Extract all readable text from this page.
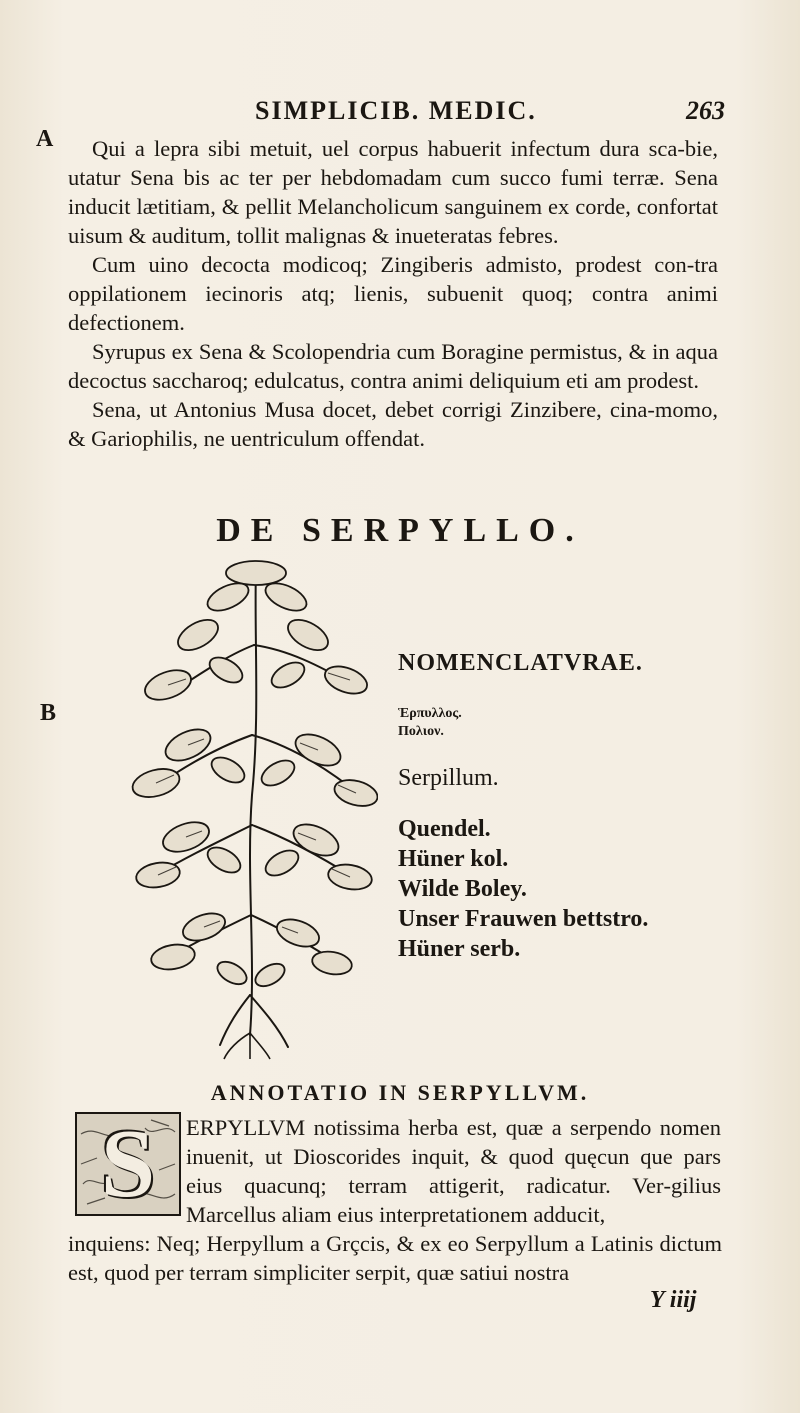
SIMPLICIB. MEDIC.	263
A
B

Qui a lepra sibi metuit, uel corpus habuerit infectum dura sca‑bie, utatur Sena bis ac ter per hebdomadam cum succo fumi terræ. Sena inducit lætitiam, & pellit Melancholicum sanguinem ex corde, confortat uisum & auditum, tollit malignas & inueteratas febres.

Cum uino decocta modicoq; Zingiberis admisto, prodest con‑tra oppilationem iecinoris atq; lienis, subuenit quoq; contra animi defectionem.

Syrupus ex Sena & Scolopendria cum Boragine permistus, & in aqua decoctus saccharoq; edulcatus, contra animi deliquium eti am prodest.

Sena, ut Antonius Musa docet, debet corrigi Zinzibere, cina‑momo, & Gariophilis, ne uentriculum offendat.

DE SERPYLLO.
NOMENCLATVRAE.
Ἑρπυλλος.
Πολιον.
Serpillum.
Quendel.
Hüner kol.
Wilde Boley.
Unser Frauwen bettstro.
Hüner serb.
ANNOTATIO IN SERPYLLVM.
S	ERPYLLVM notissima herba est, quæ a serpendo nomen inuenit, ut Dioscorides inquit, & quod quęcun que pars eius quacunq; terram attigerit, radicatur. Ver‑gilius Marcellus aliam eius interpretationem adducit,
inquiens: Neq; Herpyllum a Grçcis, & ex eo Serpyllum a Latinis dictum est, quod per terram simpliciter serpit, quæ satiui nostra
Y iiij
